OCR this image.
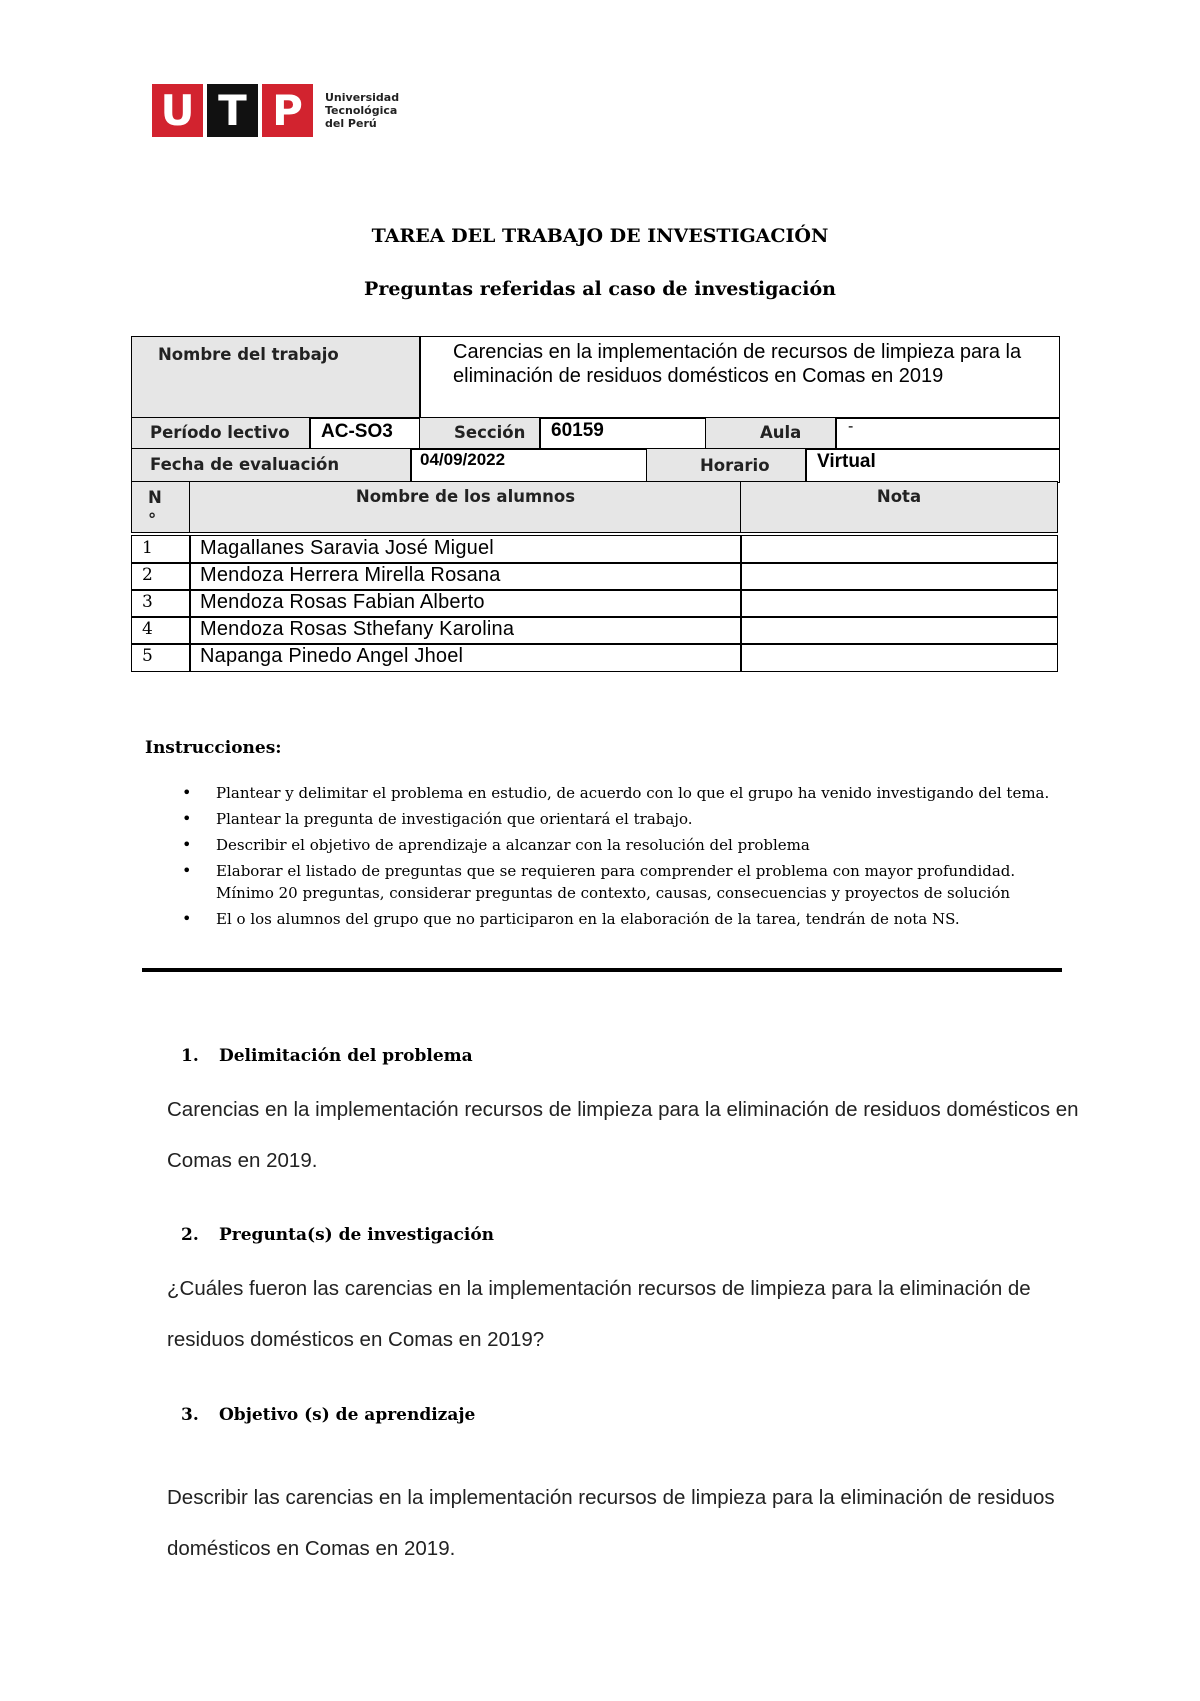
U T P	Universidad
Tecnológica
del Perú
TAREA DEL TRABAJO DE INVESTIGACIÓN
Preguntas referidas al caso de investigación
Nombre del trabajo	Carencias en la implementación de recursos de limpieza para la eliminación de residuos domésticos en Comas en 2019
Período lectivo	AC-SO3	Sección	60159	Aula	-
Fecha de evaluación	04/09/2022	Horario	Virtual
N °
Nombre de los alumnos	Nota
1	Magallanes Saravia José Miguel
2	Mendoza Herrera Mirella Rosana
3	Mendoza Rosas Fabian Alberto
4	Mendoza Rosas Sthefany Karolina
5	Napanga Pinedo Angel Jhoel
Instrucciones:
• Plantear y delimitar el problema en estudio, de acuerdo con lo que el grupo ha venido investigando del tema.
• Plantear la pregunta de investigación que orientará el trabajo.
• Describir el objetivo de aprendizaje a alcanzar con la resolución del problema
• Elaborar el listado de preguntas que se requieren para comprender el problema con mayor profundidad. Mínimo 20 preguntas, considerar preguntas de contexto, causas, consecuencias y proyectos de solución
• El o los alumnos del grupo que no participaron en la elaboración de la tarea, tendrán de nota NS.
1. Delimitación del problema
Carencias en la implementación recursos de limpieza para la eliminación de residuos domésticos en Comas en 2019.
2. Pregunta(s) de investigación
¿Cuáles fueron las carencias en la implementación recursos de limpieza para la eliminación de residuos domésticos en Comas en 2019?
3. Objetivo (s) de aprendizaje
Describir las carencias en la implementación recursos de limpieza para la eliminación de residuos domésticos en Comas en 2019.
